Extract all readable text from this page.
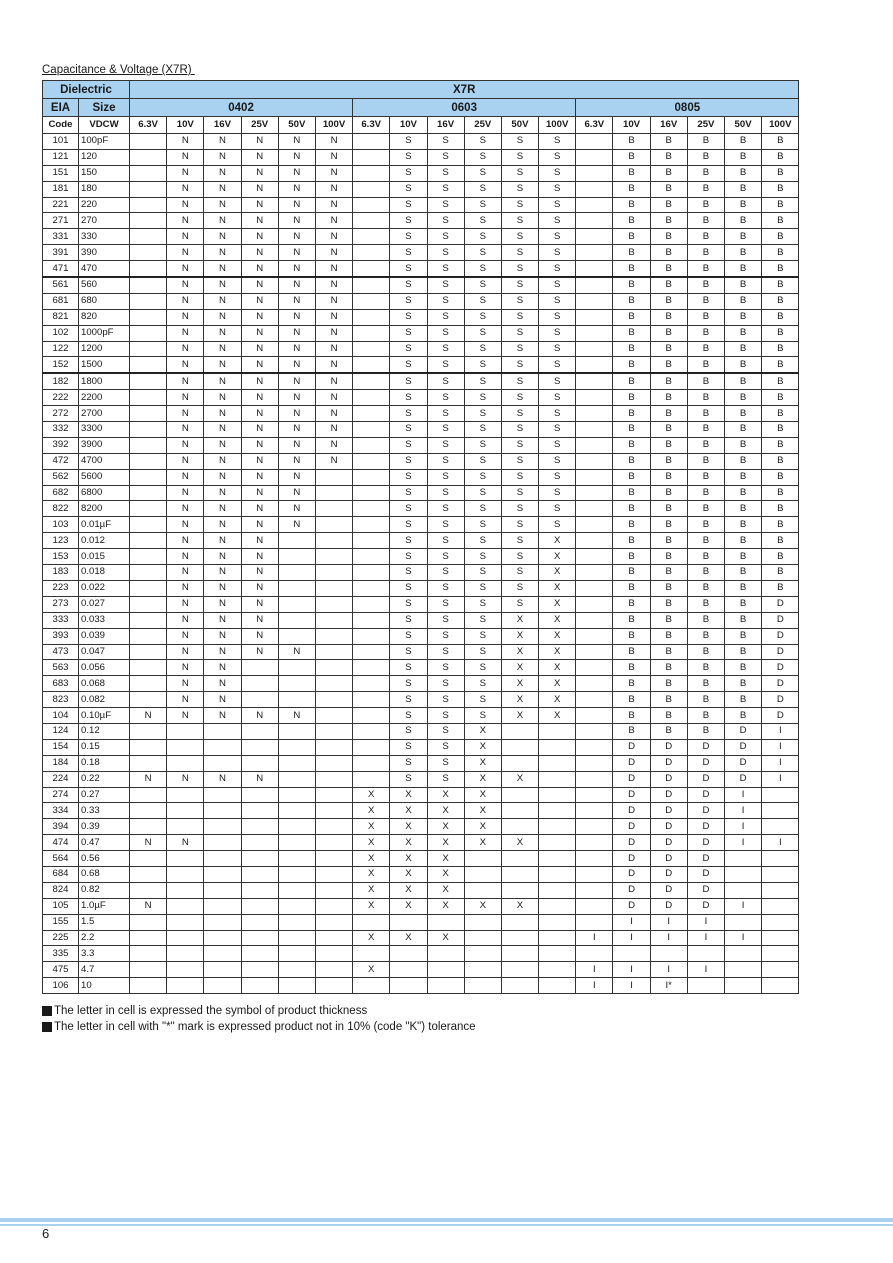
Capacitance & Voltage (X7R)
Dielectric		X7R																	
EIA	Size	0402						0603						0805					
Code	VDCW	6.3V	10V	16V	25V	50V	100V	6.3V	10V	16V	25V	50V	100V	6.3V	10V	16V	25V	50V	100V
101	100pF		N	N	N	N	N		S	S	S	S	S		B	B	B	B	B
121	120		N	N	N	N	N		S	S	S	S	S		B	B	B	B	B
151	150		N	N	N	N	N		S	S	S	S	S		B	B	B	B	B
181	180		N	N	N	N	N		S	S	S	S	S		B	B	B	B	B
221	220		N	N	N	N	N		S	S	S	S	S		B	B	B	B	B
271	270		N	N	N	N	N		S	S	S	S	S		B	B	B	B	B
331	330		N	N	N	N	N		S	S	S	S	S		B	B	B	B	B
391	390		N	N	N	N	N		S	S	S	S	S		B	B	B	B	B
471	470		N	N	N	N	N		S	S	S	S	S		B	B	B	B	B
561	560		N	N	N	N	N		S	S	S	S	S		B	B	B	B	B
681	680		N	N	N	N	N		S	S	S	S	S		B	B	B	B	B
821	820		N	N	N	N	N		S	S	S	S	S		B	B	B	B	B
102	1000pF		N	N	N	N	N		S	S	S	S	S		B	B	B	B	B
122	1200		N	N	N	N	N		S	S	S	S	S		B	B	B	B	B
152	1500		N	N	N	N	N		S	S	S	S	S		B	B	B	B	B
182	1800		N	N	N	N	N		S	S	S	S	S		B	B	B	B	B
222	2200		N	N	N	N	N		S	S	S	S	S		B	B	B	B	B
272	2700		N	N	N	N	N		S	S	S	S	S		B	B	B	B	B
332	3300		N	N	N	N	N		S	S	S	S	S		B	B	B	B	B
392	3900		N	N	N	N	N		S	S	S	S	S		B	B	B	B	B
472	4700		N	N	N	N	N		S	S	S	S	S		B	B	B	B	B
562	5600		N	N	N	N			S	S	S	S	S		B	B	B	B	B
682	6800		N	N	N	N			S	S	S	S	S		B	B	B	B	B
822	8200		N	N	N	N			S	S	S	S	S		B	B	B	B	B
103	0.01µF		N	N	N	N			S	S	S	S	S		B	B	B	B	B
123	0.012		N	N	N				S	S	S	S	X		B	B	B	B	B
153	0.015		N	N	N				S	S	S	S	X		B	B	B	B	B
183	0.018		N	N	N				S	S	S	S	X		B	B	B	B	B
223	0.022		N	N	N				S	S	S	S	X		B	B	B	B	B
273	0.027		N	N	N				S	S	S	S	X		B	B	B	B	D
333	0.033		N	N	N				S	S	S	X	X		B	B	B	B	D
393	0.039		N	N	N				S	S	S	X	X		B	B	B	B	D
473	0.047		N	N	N	N			S	S	S	X	X		B	B	B	B	D
563	0.056		N	N					S	S	S	X	X		B	B	B	B	D
683	0.068		N	N					S	S	S	X	X		B	B	B	B	D
823	0.082		N	N					S	S	S	X	X		B	B	B	B	D
104	0.10µF	N	N	N	N	N			S	S	S	X	X		B	B	B	B	D
124	0.12								S	S	X				B	B	B	D	I
154	0.15								S	S	X				D	D	D	D	I
184	0.18								S	S	X				D	D	D	D	I
224	0.22	N	N	N	N				S	S	X	X			D	D	D	D	I
274	0.27							X	X	X	X				D	D	D	I	
334	0.33							X	X	X	X				D	D	D	I	
394	0.39							X	X	X	X				D	D	D	I	
474	0.47	N	N					X	X	X	X	X			D	D	D	I	I
564	0.56							X	X	X					D	D	D		
684	0.68							X	X	X					D	D	D		
824	0.82							X	X	X					D	D	D		
105	1.0µF	N						X	X	X	X	X			D	D	D	I	
155	1.5														I	I	I		
225	2.2							X	X	X				I	I	I	I	I	
335	3.3																		
475	4.7							X						I	I	I	I		
106	10													I	I	I*			
The letter in cell is expressed the symbol of product thickness
The letter in cell with "*" mark is expressed product not in 10% (code "K") tolerance
6
